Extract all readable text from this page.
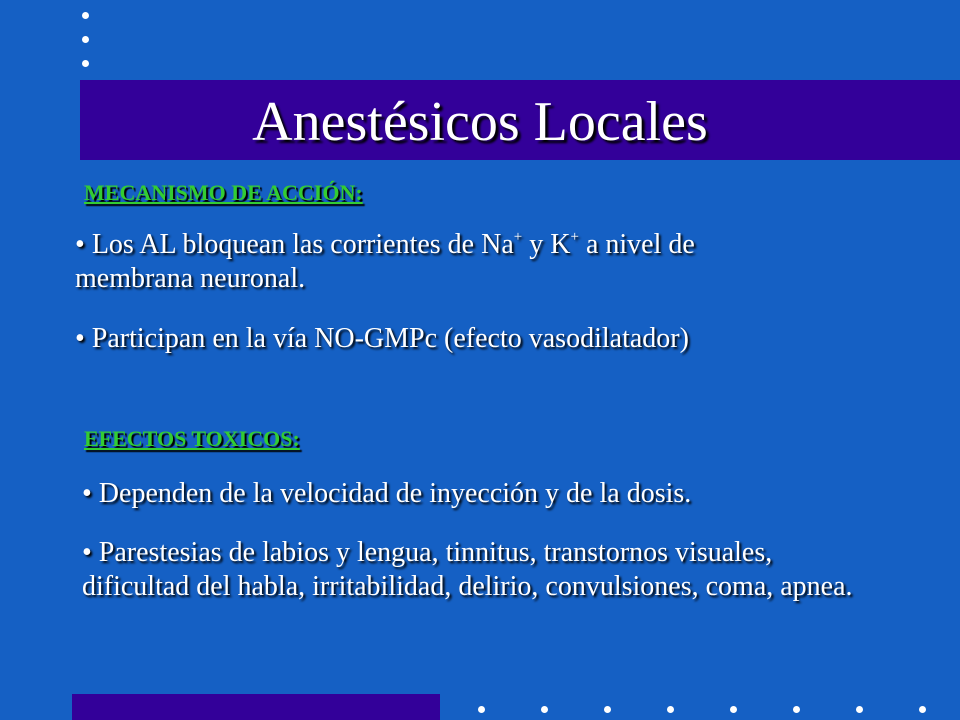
Anestésicos Locales
MECANISMO DE ACCIÓN:
• Los AL bloquean las corrientes de Na+ y K+ a nivel de membrana neuronal.
• Participan en la vía NO-GMPc (efecto vasodilatador)
EFECTOS TOXICOS:
• Dependen de la velocidad de inyección y de la dosis.
• Parestesias de labios y lengua, tinnitus, transtornos visuales, dificultad del habla, irritabilidad, delirio, convulsiones, coma, apnea.
